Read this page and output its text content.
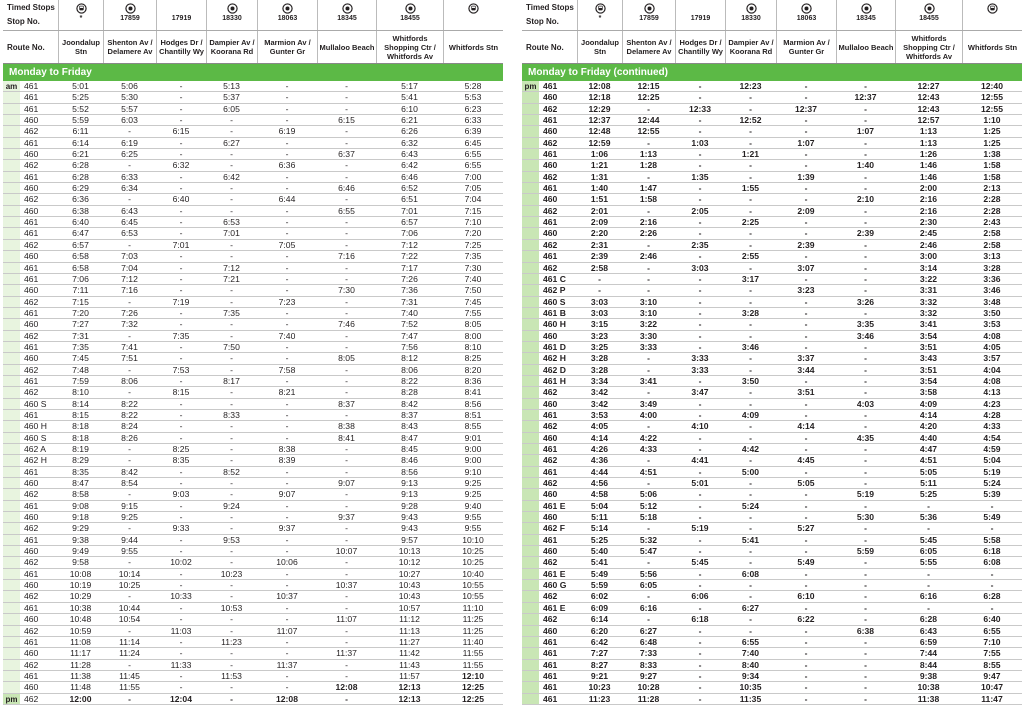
Timed Stops
Stop No.	*	17859	17919	18330	18063	18345	18455
Route No.	Joondalup Stn
Shenton Av / Delamere Av
Hodges Dr / Chantilly Wy
Dampier Av / Koorana Rd
Marmion Av / Gunter Gr	Mullaloo Beach
Whitfords Shopping Ctr / Whitfords Av
Whitfords Stn
Monday to Friday
am 461	5:01	5:06	-	5:13	-	-	5:17	5:28
461	5:25	5:30	-	5:37	-	-	5:41	5:53
461	5:52	5:57	-	6:05	-	-	6:10	6:23
460	5:59	6:03	-	-	-	6:15	6:21	6:33
462	6:11	-	6:15	-	6:19	-	6:26	6:39
461	6:14	6:19	-	6:27	-	-	6:32	6:45
460	6:21	6:25	-	-	-	6:37	6:43	6:55
462	6:28	-	6:32	-	6:36	-	6:42	6:55
461	6:28	6:33	-	6:42	-	-	6:46	7:00
460	6:29	6:34	-	-	-	6:46	6:52	7:05
462	6:36	-	6:40	-	6:44	-	6:51	7:04
460	6:38	6:43	-	-	-	6:55	7:01	7:15
461	6:40	6:45	-	6:53	-	-	6:57	7:10
461	6:47	6:53	-	7:01	-	-	7:06	7:20
462	6:57	-	7:01	-	7:05	-	7:12	7:25
460	6:58	7:03	-	-	-	7:16	7:22	7:35
461	6:58	7:04	-	7:12	-	-	7:17	7:30
461	7:06	7:12	-	7:21	-	-	7:26	7:40
460	7:11	7:16	-	-	-	7:30	7:36	7:50
462	7:15	-	7:19	-	7:23	-	7:31	7:45
461	7:20	7:26	-	7:35	-	-	7:40	7:55
460	7:27	7:32	-	-	-	7:46	7:52	8:05
462	7:31	-	7:35	-	7:40	-	7:47	8:00
461	7:35	7:41	-	7:50	-	-	7:56	8:10
460	7:45	7:51	-	-	-	8:05	8:12	8:25
462	7:48	-	7:53	-	7:58	-	8:06	8:20
461	7:59	8:06	-	8:17	-	-	8:22	8:36
462	8:10	-	8:15	-	8:21	-	8:28	8:41
460 S	8:14	8:22	-	-	-	8:37	8:42	8:56
461	8:15	8:22	-	8:33	-	-	8:37	8:51
460 H	8:18	8:24	-	-	-	8:38	8:43	8:55
460 S	8:18	8:26	-	-	-	8:41	8:47	9:01
462 A	8:19	-	8:25	-	8:38	-	8:45	9:00
462 H	8:29	-	8:35	-	8:39	-	8:46	9:00
461	8:35	8:42	-	8:52	-	-	8:56	9:10
460	8:47	8:54	-	-	-	9:07	9:13	9:25
462	8:58	-	9:03	-	9:07	-	9:13	9:25
461	9:08	9:15	-	9:24	-	-	9:28	9:40
460	9:18	9:25	-	-	-	9:37	9:43	9:55
462	9:29	-	9:33	-	9:37	-	9:43	9:55
461	9:38	9:44	-	9:53	-	-	9:57	10:10
460	9:49	9:55	-	-	-	10:07	10:13	10:25
462	9:58	-	10:02	-	10:06	-	10:12	10:25
461	10:08	10:14	-	10:23	-	-	10:27	10:40
460	10:19	10:25	-	-	-	10:37	10:43	10:55
462	10:29	-	10:33	-	10:37	-	10:43	10:55
461	10:38	10:44	-	10:53	-	-	10:57	11:10
460	10:48	10:54	-	-	-	11:07	11:12	11:25
462	10:59	-	11:03	-	11:07	-	11:13	11:25
461	11:08	11:14	-	11:23	-	-	11:27	11:40
460	11:17	11:24	-	-	-	11:37	11:42	11:55
462	11:28	-	11:33	-	11:37	-	11:43	11:55
461	11:38	11:45	-	11:53	-	-	11:57	12:10
460	11:48	11:55	-	-	-	12:08	12:13	12:25
pm 462	12:00	-	12:04	-	12:08	-	12:13	12:25
Timed Stops
Stop No.	*	17859	17919	18330	18063	18345	18455
Route No.	Joondalup Stn
Shenton Av / Delamere Av
Hodges Dr / Chantilly Wy
Dampier Av / Koorana Rd
Marmion Av / Gunter Gr	Mullaloo Beach
Whitfords Shopping Ctr / Whitfords Av
Whitfords Stn
Monday to Friday (continued)
pm 461	12:08	12:15	-	12:23	-	-	12:27	12:40
460	12:18	12:25	-	-	-	12:37	12:43	12:55
462	12:29	-	12:33	-	12:37	-	12:43	12:55
461	12:37	12:44	-	12:52	-	-	12:57	1:10
460	12:48	12:55	-	-	-	1:07	1:13	1:25
462	12:59	-	1:03	-	1:07	-	1:13	1:25
461	1:06	1:13	-	1:21	-	-	1:26	1:38
460	1:21	1:28	-	-	-	1:40	1:46	1:58
462	1:31	-	1:35	-	1:39	-	1:46	1:58
461	1:40	1:47	-	1:55	-	-	2:00	2:13
460	1:51	1:58	-	-	-	2:10	2:16	2:28
462	2:01	-	2:05	-	2:09	-	2:16	2:28
461	2:09	2:16	-	2:25	-	-	2:30	2:43
460	2:20	2:26	-	-	-	2:39	2:45	2:58
462	2:31	-	2:35	-	2:39	-	2:46	2:58
461	2:39	2:46	-	2:55	-	-	3:00	3:13
462	2:58	-	3:03	-	3:07	-	3:14	3:28
461 C	-	-	-	3:17	-	-	3:22	3:36
462 P	-	-	-	-	3:23	-	3:31	3:46
460 S	3:03	3:10	-	-	-	3:26	3:32	3:48
461 B	3:03	3:10	-	3:28	-	-	3:32	3:50
460 H	3:15	3:22	-	-	-	3:35	3:41	3:53
460	3:23	3:30	-	-	-	3:46	3:54	4:08
461 D	3:25	3:33	-	3:46	-	-	3:51	4:05
462 H	3:28	-	3:33	-	3:37	-	3:43	3:57
462 D	3:28	-	3:33	-	3:44	-	3:51	4:04
461 H	3:34	3:41	-	3:50	-	-	3:54	4:08
462	3:42	-	3:47	-	3:51	-	3:58	4:13
460	3:42	3:49	-	-	-	4:03	4:09	4:23
461	3:53	4:00	-	4:09	-	-	4:14	4:28
462	4:05	-	4:10	-	4:14	-	4:20	4:33
460	4:14	4:22	-	-	-	4:35	4:40	4:54
461	4:26	4:33	-	4:42	-	-	4:47	4:59
462	4:36	-	4:41	-	4:45	-	4:51	5:04
461	4:44	4:51	-	5:00	-	-	5:05	5:19
462	4:56	-	5:01	-	5:05	-	5:11	5:24
460	4:58	5:06	-	-	-	5:19	5:25	5:39
461 E	5:04	5:12	-	5:24	-	-	-	-
460	5:11	5:18	-	-	-	5:30	5:36	5:49
462 F	5:14	-	5:19	-	5:27	-	-	-
461	5:25	5:32	-	5:41	-	-	5:45	5:58
460	5:40	5:47	-	-	-	5:59	6:05	6:18
462	5:41	-	5:45	-	5:49	-	5:55	6:08
461 E	5:49	5:56	-	6:08	-	-	-	-
460 G	5:59	6:05	-	-	-	-	-	-
462	6:02	-	6:06	-	6:10	-	6:16	6:28
461 E	6:09	6:16	-	6:27	-	-	-	-
462	6:14	-	6:18	-	6:22	-	6:28	6:40
460	6:20	6:27	-	-	-	6:38	6:43	6:55
461	6:42	6:48	-	6:55	-	-	6:59	7:10
461	7:27	7:33	-	7:40	-	-	7:44	7:55
461	8:27	8:33	-	8:40	-	-	8:44	8:55
461	9:21	9:27	-	9:34	-	-	9:38	9:47
461	10:23	10:28	-	10:35	-	-	10:38	10:47
461	11:23	11:28	-	11:35	-	-	11:38	11:47
